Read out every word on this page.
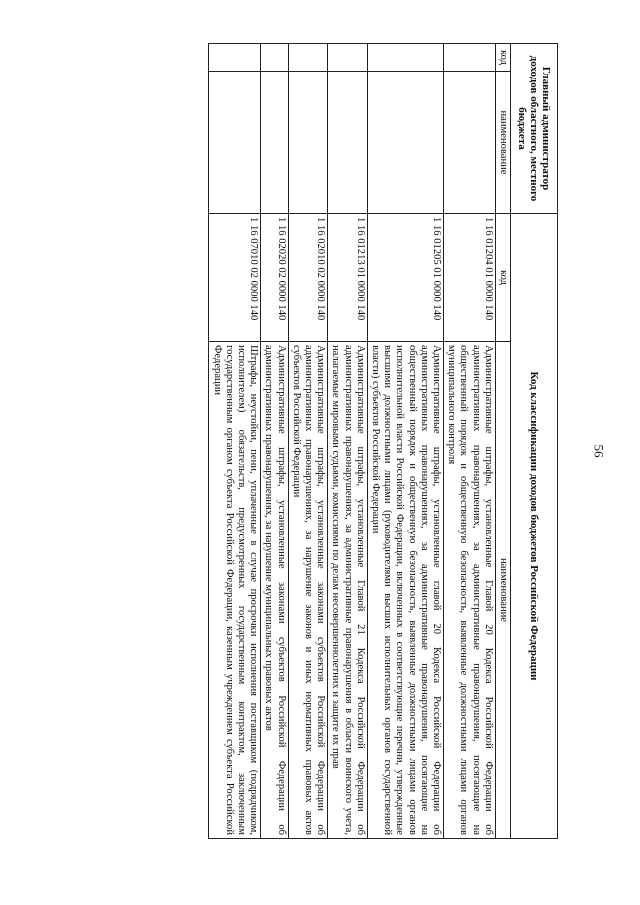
56
Главный администратор доходов областного, местного бюджета		Код классификации доходов бюджетов Российской Федерации	
код	наименование	код	наименование
		1 16 01204 01 0000 140	Административные штрафы, установленные Главой 20 Кодекса Российской Федерации об административных правонарушениях, за административные правонарушения, посягающие на общественный порядок и общественную безопасность, выявленные должностными лицами органов муниципального контроля
		1 16 01205 01 0000 140	Административные штрафы, установленные главой 20 Кодекса Российской Федерации об административных правонарушениях, за административные правонарушения, посягающие на общественный порядок и общественную безопасность, выявленные должностными лицами органов исполнительной власти Российской Федерации, включенных в соответствующие перечни, утвержденные высшими должностными лицами (руководителями высших исполнительных органов государственной власти) субъектов Российской Федерации
		1 16 01213 01 0000 140	Административные штрафы, установленные Главой 21 Кодекса Российской Федерации об административных правонарушениях, за административные правонарушения в области воинского учета, налагаемые мировыми судьями, комиссиями по делам несовершеннолетних и защите их прав
		1 16 02010 02 0000 140	Административные штрафы, установленные законами субъектов Российской Федерации об административных правонарушениях, за нарушение законов и иных нормативных правовых актов субъектов Российской Федерации
		1 16 02020 02 0000 140	Административные штрафы, установленные законами субъектов Российской Федерации об административных правонарушениях, за нарушение муниципальных правовых актов
		1 16 07010 02 0000 140	Штрафы, неустойки, пени, уплаченные в случае просрочки исполнения поставщиком (подрядчиком, исполнителем) обязательств, предусмотренных государственным контрактом, заключенным государственным органом субъекта Российской Федерации, казенным учреждением субъекта Российской Федерации
